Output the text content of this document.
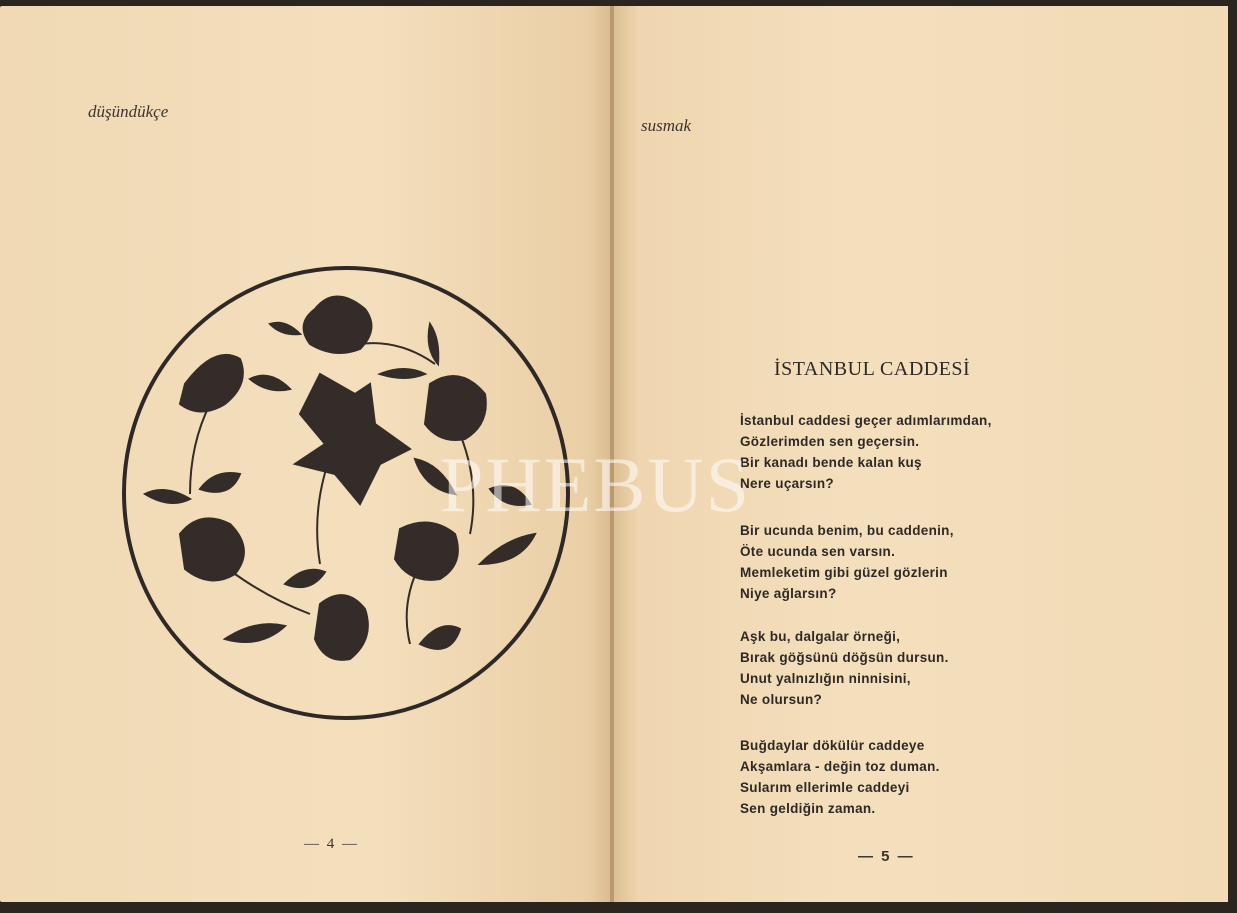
düşündükçe
— 4 —
susmak
İSTANBUL CADDESİ
İstanbul caddesi geçer adımlarımdan,
Gözlerimden sen geçersin.
Bir kanadı bende kalan kuş
Nere uçarsın?
Bir ucunda benim, bu caddenin,
Öte ucunda sen varsın.
Memleketim gibi güzel gözlerin
Niye ağlarsın?
Aşk bu, dalgalar örneği,
Bırak göğsünü döğsün dursun.
Unut yalnızlığın ninnisini,
Ne olursun?
Buğdaylar dökülür caddeye
Akşamlara - değin toz duman.
Sularım ellerimle caddeyi
Sen geldiğin zaman.
— 5 —
PHEBUS
